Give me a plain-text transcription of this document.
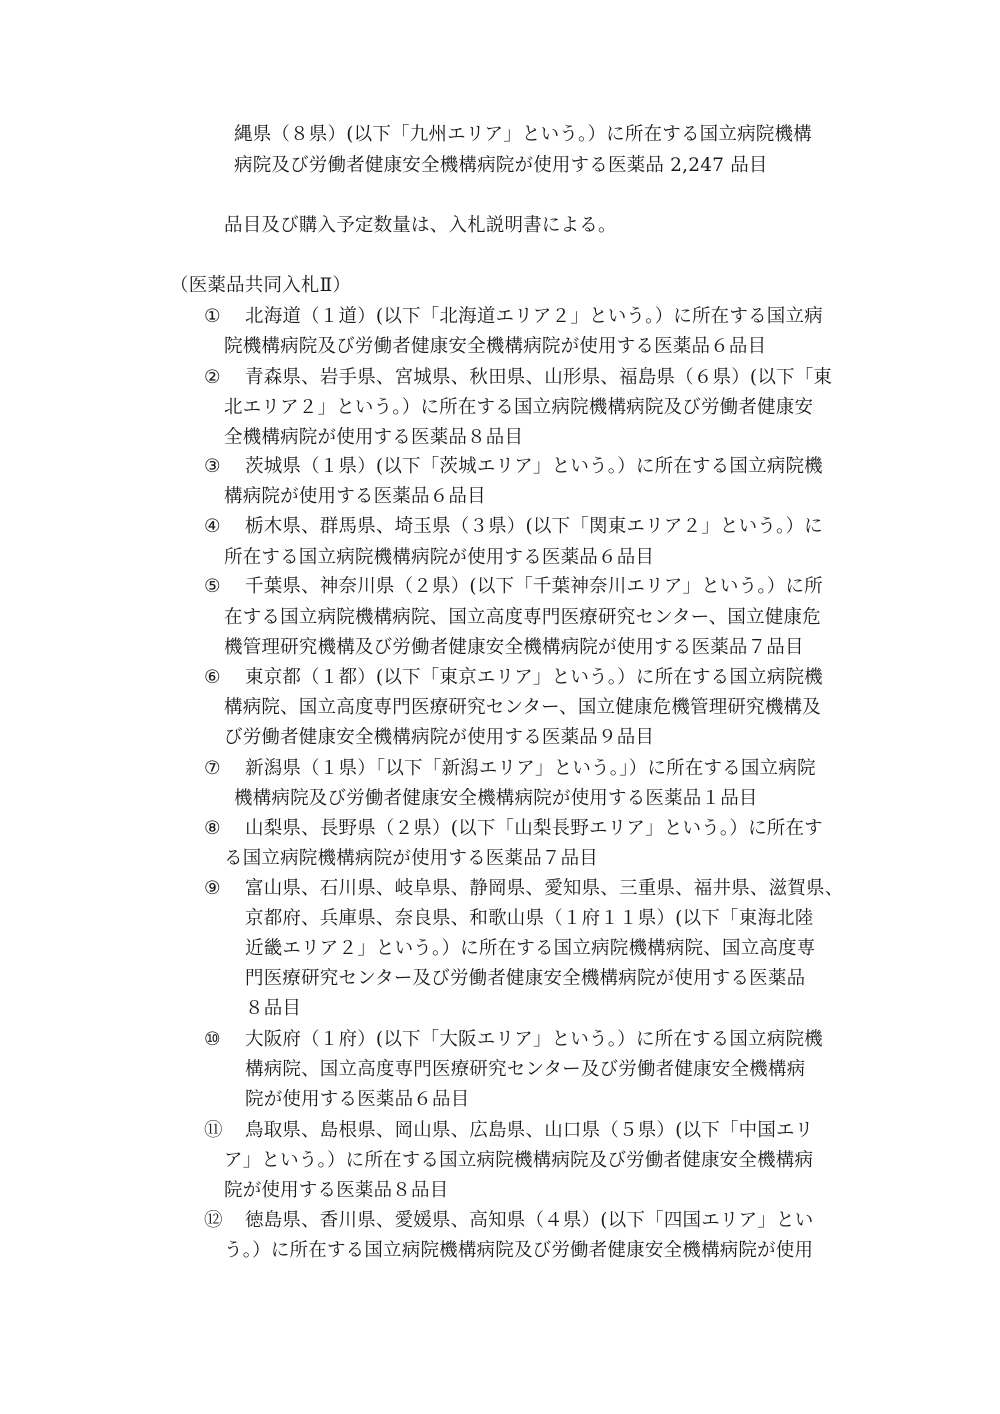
縄県（８県）(以下「九州エリア」という。）に所在する国立病院機構
病院及び労働者健康安全機構病院が使用する医薬品 2,247 品目
品目及び購入予定数量は、入札説明書による。
（医薬品共同入札Ⅱ）
① 北海道（１道）(以下「北海道エリア２」という。）に所在する国立病
院機構病院及び労働者健康安全機構病院が使用する医薬品６品目
② 青森県、岩手県、宮城県、秋田県、山形県、福島県（６県）(以下「東
北エリア２」という。）に所在する国立病院機構病院及び労働者健康安
全機構病院が使用する医薬品８品目
③ 茨城県（１県）(以下「茨城エリア」という。）に所在する国立病院機
構病院が使用する医薬品６品目
④ 栃木県、群馬県、埼玉県（３県）(以下「関東エリア２」という。）に
所在する国立病院機構病院が使用する医薬品６品目
⑤ 千葉県、神奈川県（２県）(以下「千葉神奈川エリア」という。）に所
在する国立病院機構病院、国立高度専門医療研究センター、国立健康危
機管理研究機構及び労働者健康安全機構病院が使用する医薬品７品目
⑥ 東京都（１都）(以下「東京エリア」という。）に所在する国立病院機
構病院、国立高度専門医療研究センター、国立健康危機管理研究機構及
び労働者健康安全機構病院が使用する医薬品９品目
⑦ 新潟県（１県）｢以下「新潟エリア」という。｣）に所在する国立病院
機構病院及び労働者健康安全機構病院が使用する医薬品１品目
⑧ 山梨県、長野県（２県）(以下「山梨長野エリア」という。）に所在す
る国立病院機構病院が使用する医薬品７品目
⑨ 富山県、石川県、岐阜県、静岡県、愛知県、三重県、福井県、滋賀県、
京都府、兵庫県、奈良県、和歌山県（１府１１県）(以下「東海北陸
近畿エリア２」という。）に所在する国立病院機構病院、国立高度専
門医療研究センター及び労働者健康安全機構病院が使用する医薬品
８品目
⑩ 大阪府（１府）(以下「大阪エリア」という。）に所在する国立病院機
構病院、国立高度専門医療研究センター及び労働者健康安全機構病
院が使用する医薬品６品目
⑪ 鳥取県、島根県、岡山県、広島県、山口県（５県）(以下「中国エリ
ア」という。）に所在する国立病院機構病院及び労働者健康安全機構病
院が使用する医薬品８品目
⑫ 徳島県、香川県、愛媛県、高知県（４県）(以下「四国エリア」とい
う。）に所在する国立病院機構病院及び労働者健康安全機構病院が使用
